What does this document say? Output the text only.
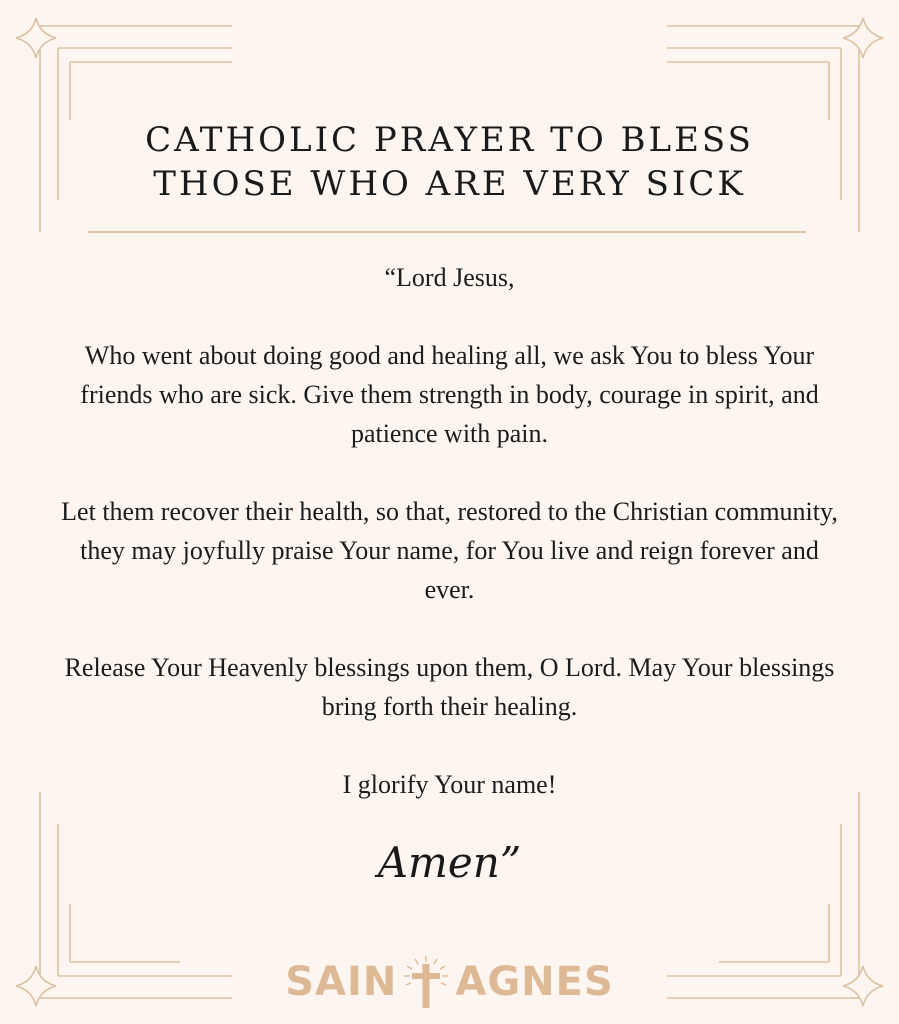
CATHOLIC PRAYER TO BLESS
THOSE WHO ARE VERY SICK

“Lord Jesus,

Who went about doing good and healing all, we ask You to bless Your friends who are sick. Give them strength in body, courage in spirit, and patience with pain.

Let them recover their health, so that, restored to the Christian community, they may joyfully praise Your name, for You live and reign forever and ever.

Release Your Heavenly blessings upon them, O Lord. May Your blessings bring forth their healing.

I glorify Your name!

Amen”
SAIN AGNES
